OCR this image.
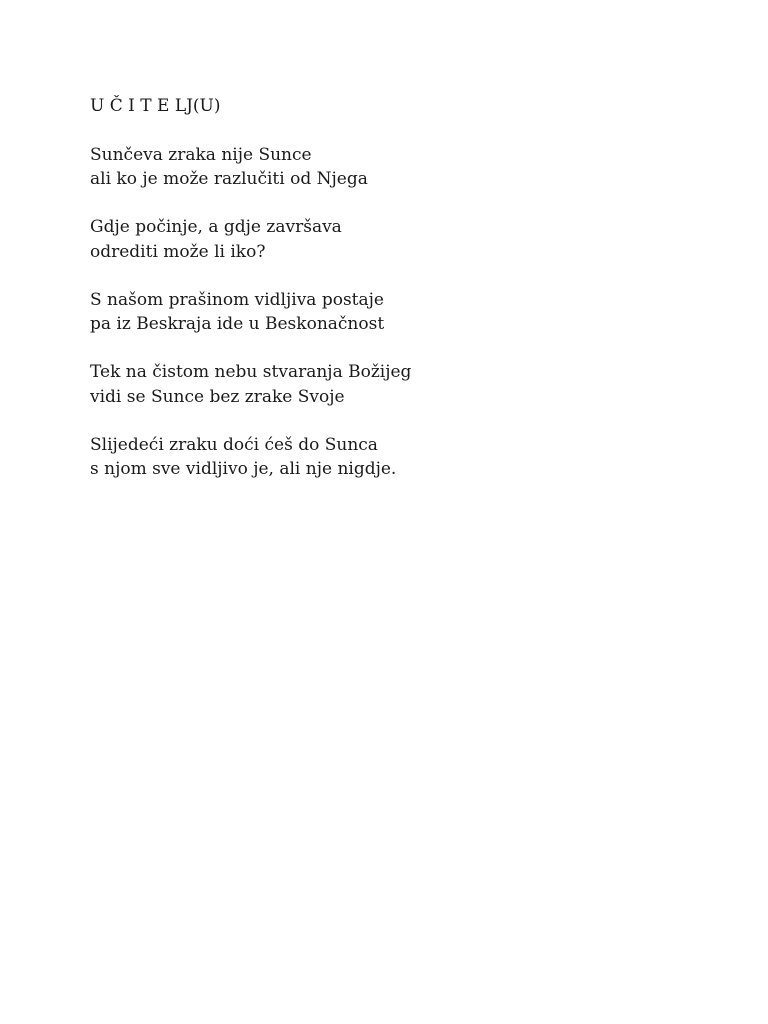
U Č I T E LJ(U)
Sunčeva zraka nije Sunce
ali ko je može razlučiti od Njega
Gdje počinje, a gdje završava
odrediti može li iko?
S našom prašinom vidljiva postaje
pa iz Beskraja ide u Beskonačnost
Tek na čistom nebu stvaranja Božijeg
vidi se Sunce bez zrake Svoje
Slijedeći zraku doći ćeš do Sunca
s njom sve vidljivo je, ali nje nigdje.
